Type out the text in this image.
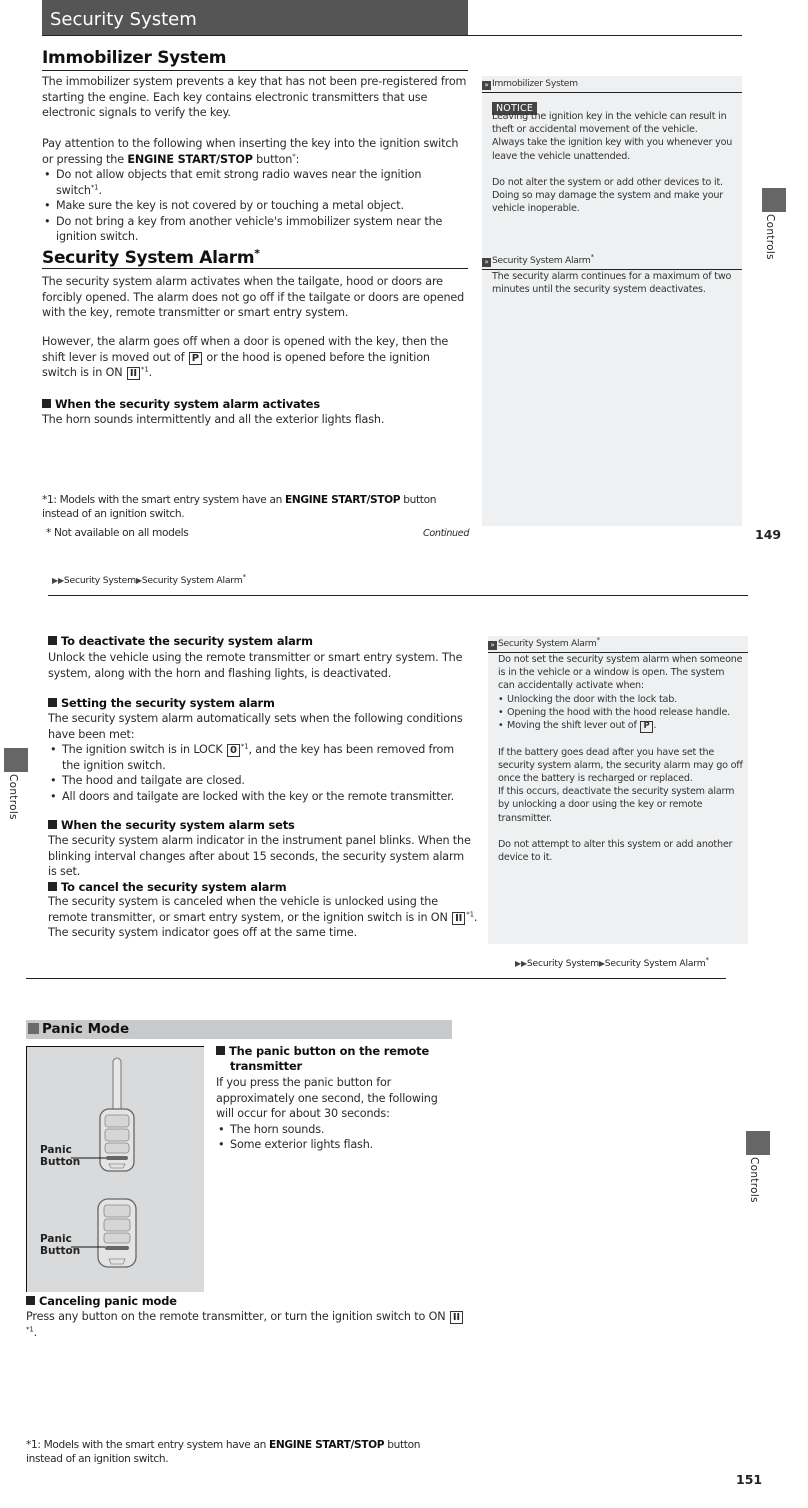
Security System
Immobilizer System
The immobilizer system prevents a key that has not been pre-registered from starting the engine. Each key contains electronic transmitters that use electronic signals to verify the key.
Pay attention to the following when inserting the key into the ignition switch or pressing the ENGINE START/STOP button*:
• Do not allow objects that emit strong radio waves near the ignition switch$^{*1}$.
• Make sure the key is not covered by or touching a metal object.
• Do not bring a key from another vehicle's immobilizer system near the ignition switch.
Security System Alarm*
The security system alarm activates when the tailgate, hood or doors are forcibly opened. The alarm does not go off if the tailgate or doors are opened with the key, remote transmitter or smart entry system.
However, the alarm goes off when a door is opened with the key, then the shift lever is moved out of P or the hood is opened before the ignition switch is in ON II $^{*1}$.
When the security system alarm activates
The horn sounds intermittently and all the exterior lights flash.
*1: Models with the smart entry system have an ENGINE START/STOP button instead of an ignition switch.
* Not available on all models	Continued	149
» Immobilizer System
NOTICE
Leaving the ignition key in the vehicle can result in theft or accidental movement of the vehicle.
Always take the ignition key with you whenever you leave the vehicle unattended.
Do not alter the system or add other devices to it. Doing so may damage the system and make your vehicle inoperable.
» Security System Alarm*
The security alarm continues for a maximum of two minutes until the security system deactivates.
Controls
▶▶Security System▶Security System Alarm*
To deactivate the security system alarm
Unlock the vehicle using the remote transmitter or smart entry system. The system, along with the horn and flashing lights, is deactivated.
Setting the security system alarm
The security system alarm automatically sets when the following conditions have been met:
• The ignition switch is in LOCK 0 $^{*1}$, and the key has been removed from the ignition switch.
• The hood and tailgate are closed.
• All doors and tailgate are locked with the key or the remote transmitter.
When the security system alarm sets
The security system alarm indicator in the instrument panel blinks. When the blinking interval changes after about 15 seconds, the security system alarm is set.
To cancel the security system alarm
The security system is canceled when the vehicle is unlocked using the remote transmitter, or smart entry system, or the ignition switch is in ON II $^{*1}$. The security system indicator goes off at the same time.
» Security System Alarm*
Do not set the security system alarm when someone is in the vehicle or a window is open. The system can accidentally activate when:
• Unlocking the door with the lock tab.
• Opening the hood with the hood release handle.
• Moving the shift lever out of P .
If the battery goes dead after you have set the security system alarm, the security alarm may go off once the battery is recharged or replaced.
If this occurs, deactivate the security system alarm by unlocking a door using the key or remote transmitter.
Do not attempt to alter this system or add another device to it.
▶▶Security System▶Security System Alarm*
Controls
Panic Mode
Panic
Button
Panic
Button
The panic button on the remote transmitter
If you press the panic button for approximately one second, the following will occur for about 30 seconds:
• The horn sounds.
• Some exterior lights flash.
Canceling panic mode
Press any button on the remote transmitter, or turn the ignition switch to ON II$^{*1}$.
*1: Models with the smart entry system have an ENGINE START/STOP button instead of an ignition switch.
151
Controls
